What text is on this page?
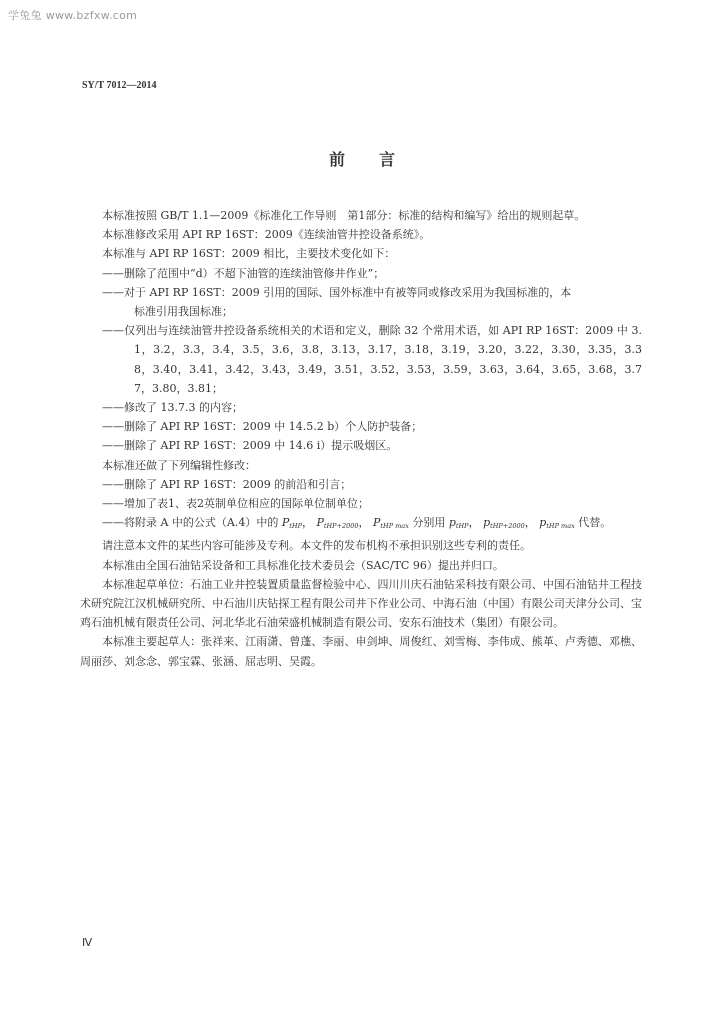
学兔兔 www.bzfxw.com
SY/T 7012—2014
前言
本标准按照 GB/T 1.1—2009《标准化工作导则　第1部分：标准的结构和编写》给出的规则起草。
本标准修改采用 API RP 16ST：2009《连续油管井控设备系统》。
本标准与 API RP 16ST：2009 相比，主要技术变化如下：
——删除了范围中“d）不超下油管的连续油管修井作业”；
——对于 API RP 16ST：2009 引用的国际、国外标准中有被等同或修改采用为我国标准的，本
标准引用我国标准；
——仅列出与连续油管井控设备系统相关的术语和定义，删除 32 个常用术语，如 API RP 16ST：2009 中 3.1，3.2，3.3，3.4，3.5，3.6，3.8，3.13，3.17，3.18，3.19，3.20，3.22，3.30，3.35，3.38，3.40，3.41，3.42，3.43，3.49，3.51，3.52，3.53，3.59，3.63，3.64，3.65，3.68，3.77，3.80，3.81；
——修改了 13.7.3 的内容；
——删除了 API RP 16ST：2009 中 14.5.2 b）个人防护装备；
——删除了 API RP 16ST：2009 中 14.6 i）提示吸烟区。
本标准还做了下列编辑性修改：
——删除了 API RP 16ST：2009 的前沿和引言；
——增加了表1、表2英制单位相应的国际单位制单位；
——将附录 A 中的公式（A.4）中的 $P_{tHP}$， $P_{tHP+2000}$， $P_{tHP max}$ 分别用 $p_{tHP}$， $p_{tHP+2000}$， $p_{tHP max}$ 代替。
请注意本文件的某些内容可能涉及专利。本文件的发布机构不承担识别这些专利的责任。
本标准由全国石油钻采设备和工具标准化技术委员会（SAC/TC 96）提出并归口。
本标准起草单位：石油工业井控装置质量监督检验中心、四川川庆石油钻采科技有限公司、中国石油钻井工程技术研究院江汉机械研究所、中石油川庆钻探工程有限公司井下作业公司、中海石油（中国）有限公司天津分公司、宝鸡石油机械有限责任公司、河北华北石油荣盛机械制造有限公司、安东石油技术（集团）有限公司。
本标准主要起草人：张祥来、江雨潇、曾蓬、李丽、申剑坤、周俊红、刘雪梅、李伟成、熊革、卢秀德、邓樵、周丽莎、刘念念、郭宝霖、张涵、屈志明、吴霞。
Ⅳ
